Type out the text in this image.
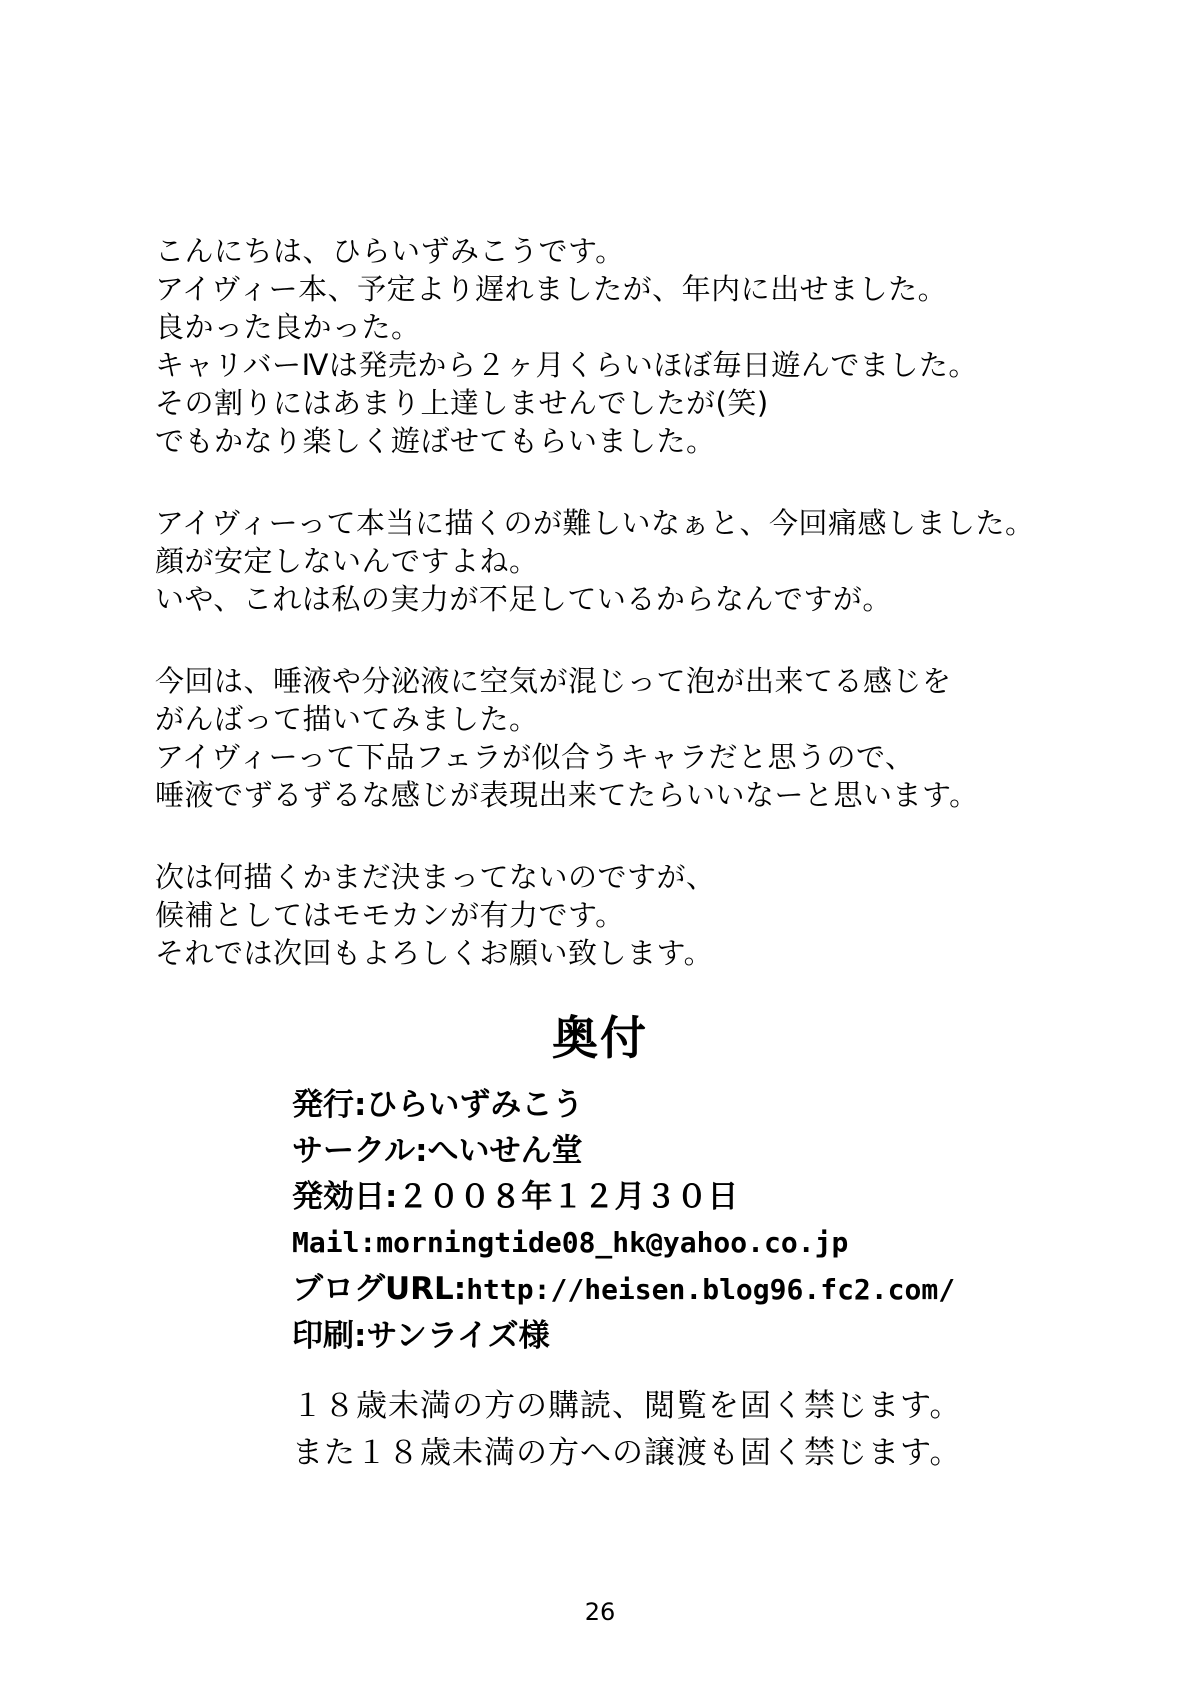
こんにちは、ひらいずみこうです。
アイヴィー本、予定より遅れましたが、年内に出せました。
良かった良かった。
キャリバーⅣは発売から２ヶ月くらいほぼ毎日遊んでました。
その割りにはあまり上達しませんでしたが(笑)
でもかなり楽しく遊ばせてもらいました。
アイヴィーって本当に描くのが難しいなぁと、今回痛感しました。
顔が安定しないんですよね。
いや、これは私の実力が不足しているからなんですが。
今回は、唾液や分泌液に空気が混じって泡が出来てる感じを
がんばって描いてみました。
アイヴィーって下品フェラが似合うキャラだと思うので、
唾液でずるずるな感じが表現出来てたらいいなーと思います。
次は何描くかまだ決まってないのですが、
候補としてはモモカンが有力です。
それでは次回もよろしくお願い致します。
奥付
発行:ひらいずみこう
サークル:へいせん堂
発効日:２００８年１２月３０日
Mail:morningtide08_hk@yahoo.co.jp
ブログURL:http://heisen.blog96.fc2.com/
印刷:サンライズ様
１８歳未満の方の購読、閲覧を固く禁じます。
また１８歳未満の方への譲渡も固く禁じます。
26
